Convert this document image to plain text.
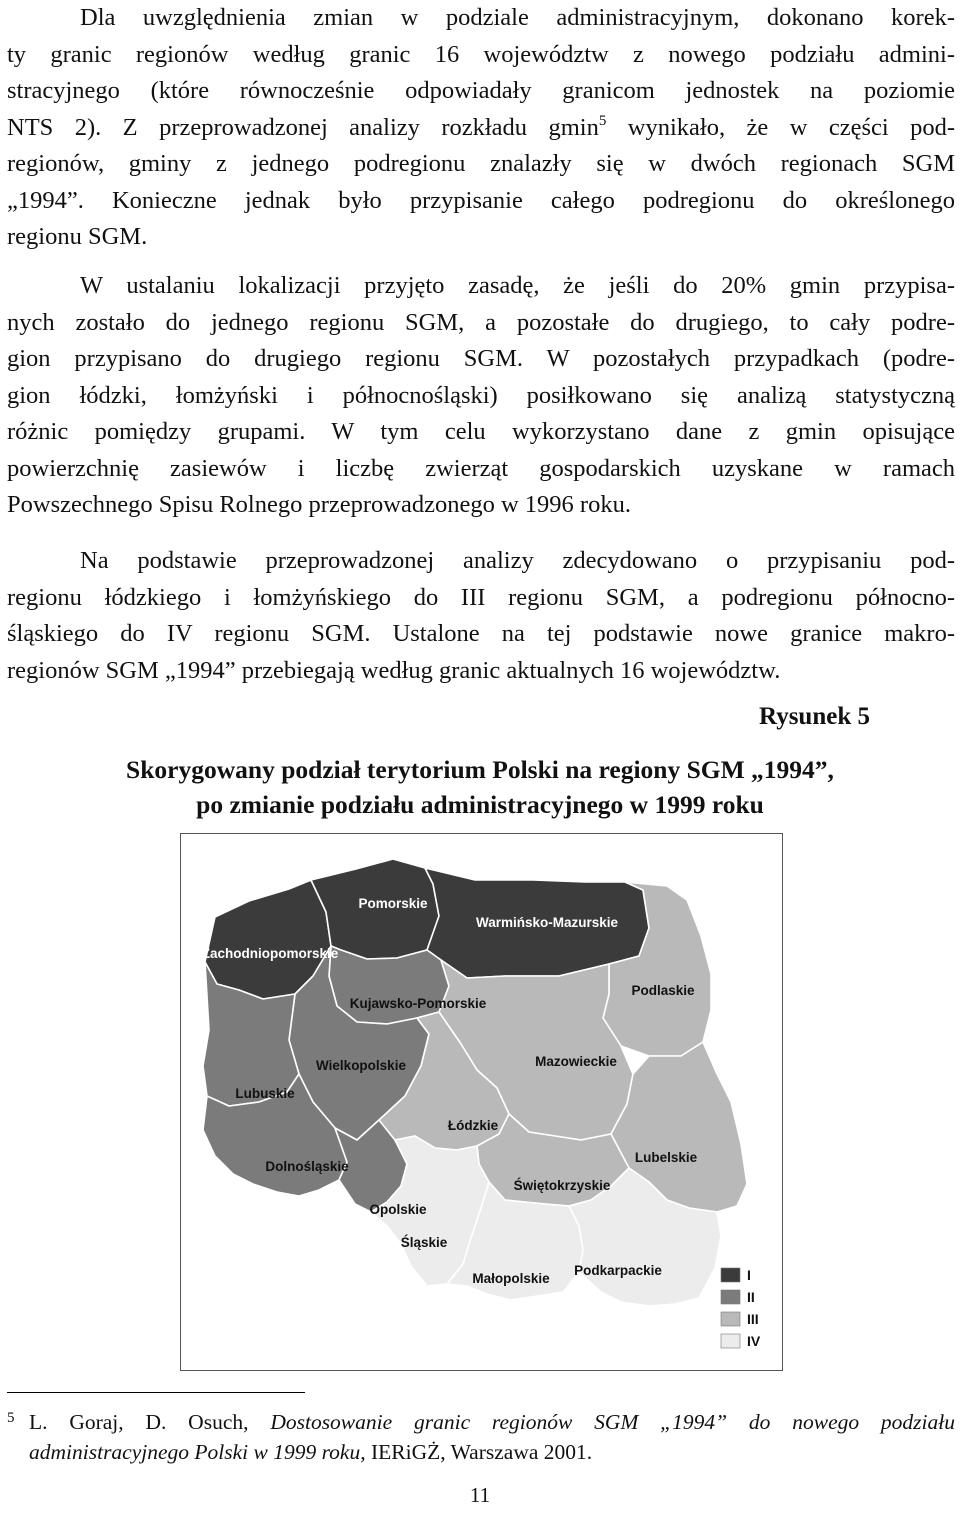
Dla uwzględnienia zmian w podziale administracyjnym, dokonano korek-
ty granic regionów według granic 16 województw z nowego podziału admini-
stracyjnego (które równocześnie odpowiadały granicom jednostek na poziomie
NTS 2). Z przeprowadzonej analizy rozkładu gmin$^5$ wynikało, że w części pod-
regionów, gminy z jednego podregionu znalazły się w dwóch regionach SGM
„1994”. Konieczne jednak było przypisanie całego podregionu do określonego
regionu SGM.
W ustalaniu lokalizacji przyjęto zasadę, że jeśli do 20% gmin przypisa-
nych zostało do jednego regionu SGM, a pozostałe do drugiego, to cały podre-
gion przypisano do drugiego regionu SGM. W pozostałych przypadkach (podre-
gion łódzki, łomżyński i północnośląski) posiłkowano się analizą statystyczną
różnic pomiędzy grupami. W tym celu wykorzystano dane z gmin opisujące
powierzchnię zasiewów i liczbę zwierząt gospodarskich uzyskane w ramach
Powszechnego Spisu Rolnego przeprowadzonego w 1996 roku.
Na podstawie przeprowadzonej analizy zdecydowano o przypisaniu pod-
regionu łódzkiego i łomżyńskiego do III regionu SGM, a podregionu północno-
śląskiego do IV regionu SGM. Ustalone na tej podstawie nowe granice makro-
regionów SGM „1994” przebiegają według granic aktualnych 16 województw.
Rysunek 5
Skorygowany podział terytorium Polski na regiony SGM „1994”,
po zmianie podziału administracyjnego w 1999 roku
Pomorskie
Warmińsko-Mazurskie
Zachodniopomorskie
Kujawsko-Pomorskie
Wielkopolskie
Lubuskie
Dolnośląskie
Opolskie
Podlaskie
Mazowieckie
Łódzkie
Lubelskie
Świętokrzyskie
Śląskie
Małopolskie
Podkarpackie	I
II
III
IV
5 L. Goraj, D. Osuch, Dostosowanie granic regionów SGM „1994” do nowego podziału
administracyjnego Polski w 1999 roku, IERiGŻ, Warszawa 2001.
11
